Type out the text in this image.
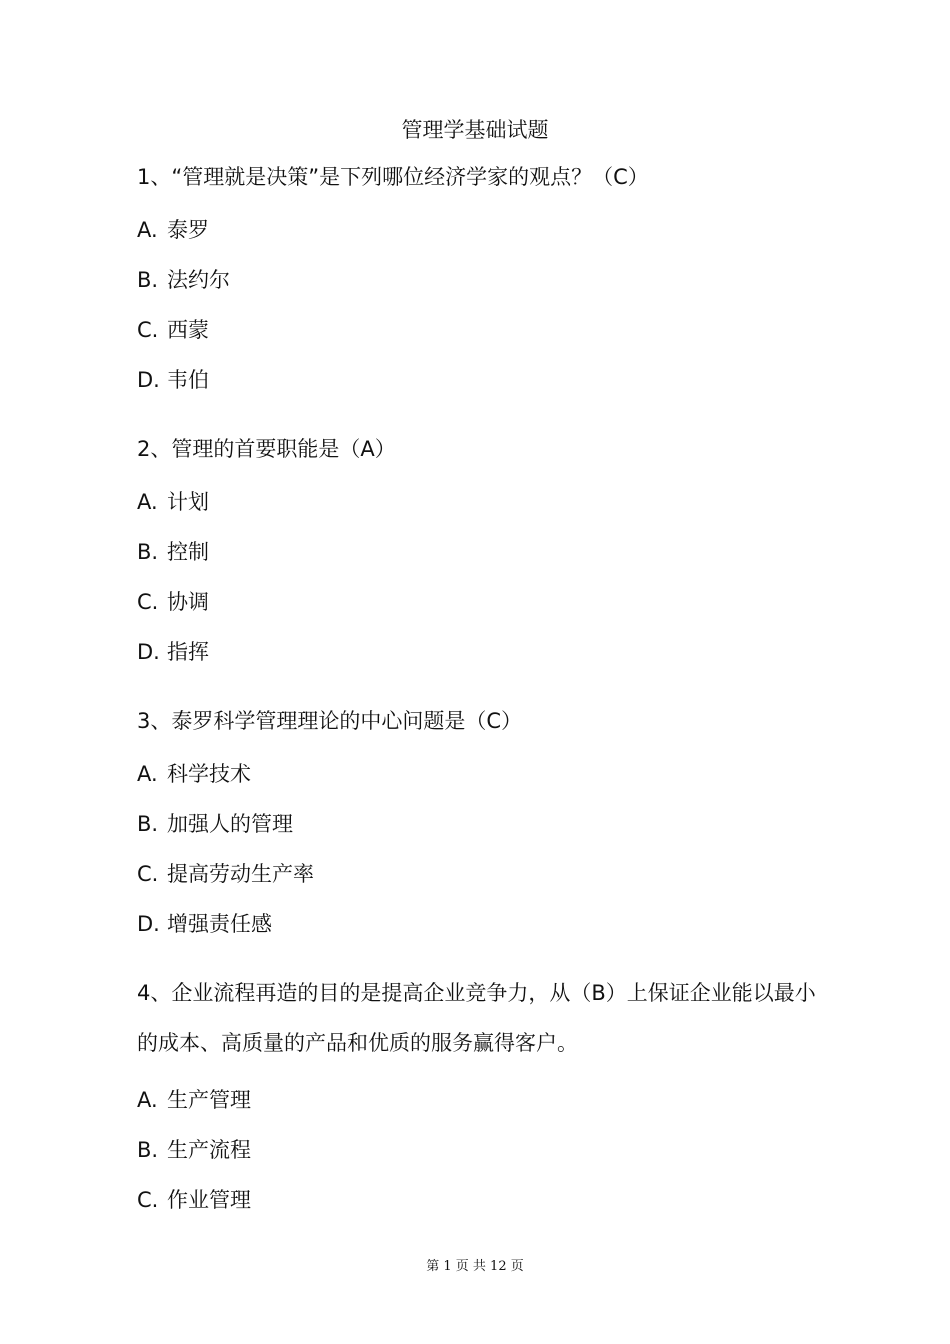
管理学基础试题
1、“管理就是决策”是下列哪位经济学家的观点？（C）
A. 泰罗
B. 法约尔
C. 西蒙
D. 韦伯
2、管理的首要职能是（A）
A. 计划
B. 控制
C. 协调
D. 指挥
3、泰罗科学管理理论的中心问题是（C）
A. 科学技术
B. 加强人的管理
C. 提高劳动生产率
D. 增强责任感
4、企业流程再造的目的是提高企业竞争力，从（B）上保证企业能以最小的成本、高质量的产品和优质的服务赢得客户。
A. 生产管理
B. 生产流程
C. 作业管理
第 1 页 共 12 页
